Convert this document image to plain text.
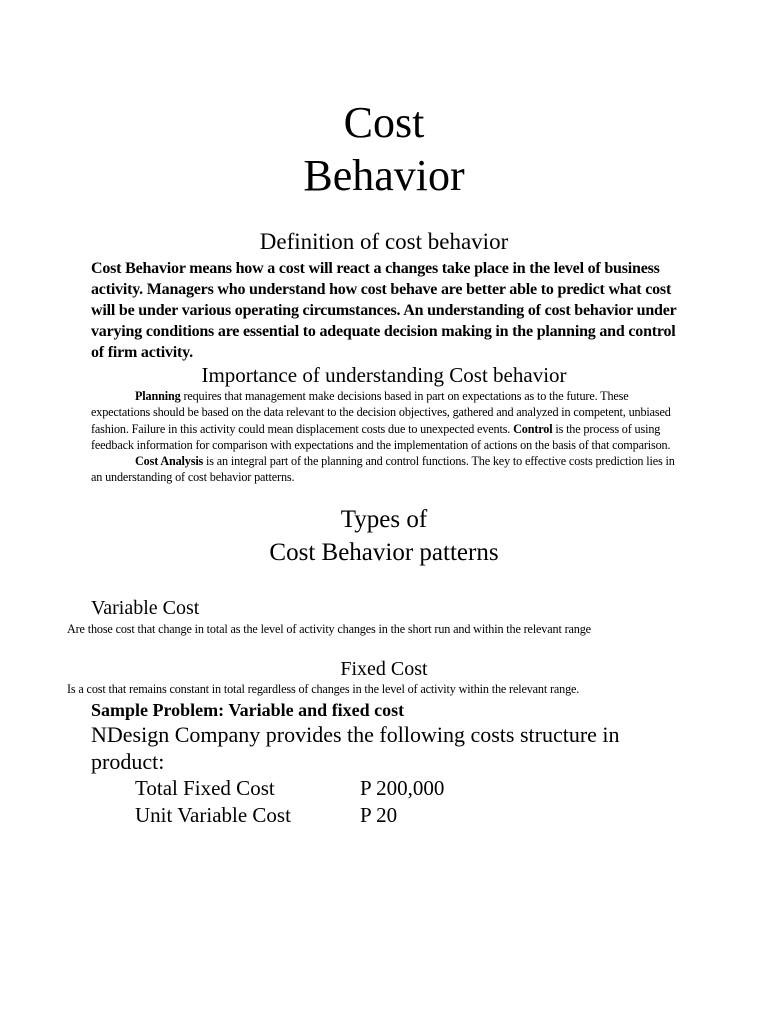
Cost
Behavior
Definition of cost behavior

Cost Behavior means how a cost will react a changes take place in the level of business activity. Managers who understand how cost behave are better able to predict what cost will be under various operating circumstances. An understanding of cost behavior under varying conditions are essential to adequate decision making in the planning and control of firm activity.

Importance of understanding Cost behavior

Planning requires that management make decisions based in part on expectations as to the future. These expectations should be based on the data relevant to the decision objectives, gathered and analyzed in competent, unbiased fashion. Failure in this activity could mean displacement costs due to unexpected events. Control is the process of using feedback information for comparison with expectations and the implementation of actions on the basis of that comparison.

Cost Analysis is an integral part of the planning and control functions. The key to effective costs prediction lies in an understanding of cost behavior patterns.

Types of
Cost Behavior patterns
Variable Cost
Are those cost that change in total as the level of activity changes in the short run and within the relevant range
Fixed Cost
Is a cost that remains constant in total regardless of changes in the level of activity within the relevant range.
Sample Problem: Variable and fixed cost
NDesign Company provides the following costs structure in product:
Total Fixed Cost	P 200,000
Unit Variable Cost	P 20
